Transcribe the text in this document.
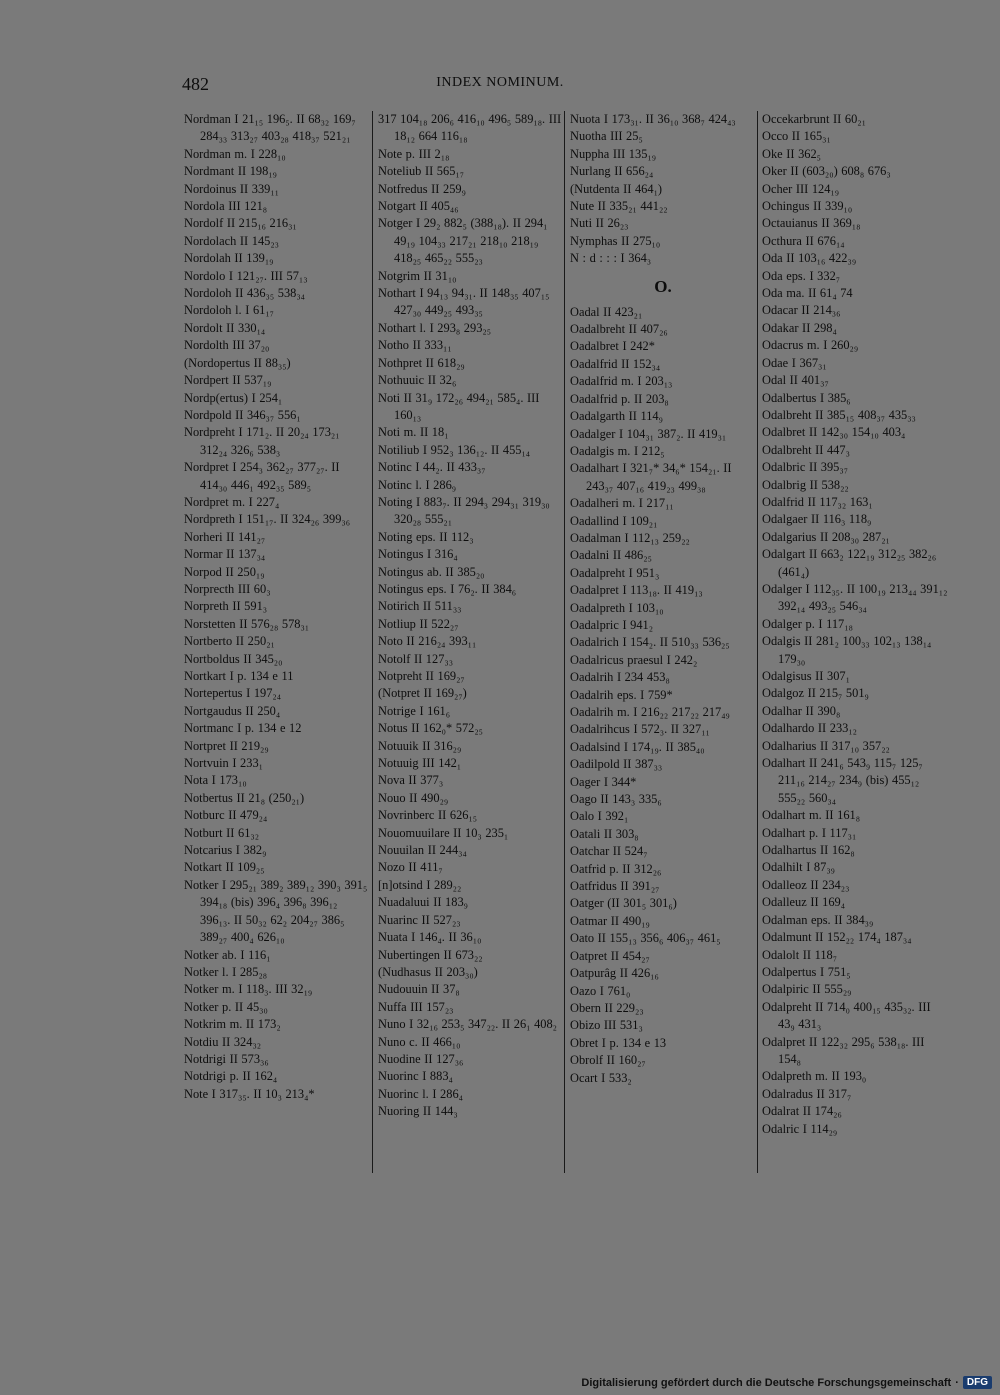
482	INDEX NOMINUM.
Nordman I 21₁₅ 196₅. II 68₃₂ 169₇ 284₃₃ 313₂₇ 403₂₈ 418₃₇ 521₂₁
Nordman m. I 228₁₀
Nordmant II 198₁₉
Nordoinus II 339₁₁
Nordola III 121₈
Nordolf II 215₁₆ 216₃₁
Nordolach II 145₂₃
Nordolah II 139₁₉
Nordolo I 121₂₇. III 57₁₃
Nordoloh II 436₃₅ 538₃₄
Nordoloh l. I 61₁₇
Nordolt II 330₁₄
Nordolth III 37₂₀
(Nordopertus II 88₃₅)
Nordpert II 537₁₉
Nordp(ertus) I 254₁
Nordpold II 346₃₇ 556₁
Nordpreht I 171₂. II 20₂₄ 173₂₁ 312₂₄ 326₆ 538₃
Nordpret I 254₃ 362₂₇ 377₂₇. II 414₃₀ 446₁ 492₃₅ 589₅
Nordpret m. I 227₄
Nordpreth I 151₁₇. II 324₂₆ 399₃₆
Norheri II 141₂₇
Normar II 137₃₄
Norpod II 250₁₉
Norprecth III 60₃
Norpreth II 591₃
Norstetten II 576₂₈ 578₃₁
Nortberto II 250₂₁
Nortboldus II 345₂₀
Nortkart I p. 134 e 11
Nortepertus I 197₂₄
Nortgaudus II 250₄
Nortmanc I p. 134 e 12
Nortpret II 219₂₉
Nortvuin I 233₁
Nota I 173₁₀
Notbertus II 21₈ (250₂₁)
Notburc II 479₂₄
Notburt II 61₃₂
Notcarius I 382₉
Notkart II 109₂₅
Notker I 295₂₁ 389₂ 389₁₂ 390₃ 391₅ 394₁₈ (bis) 396₄ 396₈ 396₁₂ 396₁₃. II 50₃₂ 62₂ 204₂₇ 386₅ 389₂₇ 400₄ 626₁₀
Notker ab. I 116₁
Notker l. I 285₂₈
Notker m. I 118₃. III 32₁₉
Notker p. II 45₃₀
Notkrim m. II 173₂
Notdiu II 324₃₂
Notdrigi II 573₃₆
Notdrigi p. II 162₄
Note I 317₃₅. II 10₃ 213₄*
317 104₁₈ 206₆ 416₁₀ 496₅ 589₁₈. III 18₁₂ 664 116₁₈
Note p. III 2₁₈
Noteliub II 565₁₇
Notfredus II 259₉
Notgart II 405₄₆
Notger I 29₂ 882₅ (388₁₈). II 294₁ 49₁₉ 104₃₃ 217₂₁ 218₁₀ 218₁₉ 418₂₅ 465₂₂ 555₂₃
Notgrim II 31₁₀
Nothart I 94₁₃ 94₃₁. II 148₃₅ 407₁₅ 427₃₀ 449₂₅ 493₃₅
Nothart l. I 293₈ 293₂₅
Notho II 333₁₁
Nothpret II 618₂₉
Nothuuic II 32₆
Noti II 31₉ 172₂₆ 494₂₁ 585₄. III 160₁₃
Noti m. II 18₁
Notiliub I 952₃ 136₁₂. II 455₁₄
Notinc I 44₂. II 433₃₇
Notinc l. I 286₉
Noting I 883₇. II 294₃ 294₃₁ 319₃₀ 320₂₈ 555₂₁
Noting eps. II 112₃
Notingus I 316₄
Notingus ab. II 385₂₀
Notingus eps. I 76₂. II 384₆
Notirich II 511₃₃
Notliup II 522₂₇
Noto II 216₂₄ 393₁₁
Notolf II 127₃₃
Notpreht II 169₂₇
(Notpret II 169₂₇)
Notrige I 161₆
Notus II 162₀* 572₂₅
Notuuik II 316₂₉
Notuuig III 142₁
Nova II 377₃
Nouo II 490₂₉
Novrinberc II 626₁₅
Nouomuuilare II 10₃ 235₁
Nouuilan II 244₃₄
Nozo II 411₇
[n]otsind I 289₂₂
Nuadaluui II 183₉
Nuarinc II 527₂₃
Nuata I 146₄. II 36₁₀
Nubertingen II 673₂₂
(Nudhasus II 203₃₀)
Nudouuin II 37₈
Nuffa III 157₂₃
Nuno I 32₁₆ 253₅ 347₂₂. II 26₁ 408₂
Nuno c. II 466₁₀
Nuodine II 127₃₆
Nuorinc I 883₄
Nuorinc l. I 286₄
Nuoring II 144₃
Nuota I 173₃₁. II 36₁₀ 368₇ 424₄₃
Nuotha III 25₅
Nuppha III 135₁₉
Nurlang II 656₂₄
(Nutdenta II 464₁)
Nute II 335₂₁ 441₂₂
Nuti II 26₂₃
Nymphas II 275₁₀
N : d : : : I 364₃
O.
Oadal II 423₂₁
Oadalbreht II 407₂₆
Oadalbret I 242*
Oadalfrid II 152₃₄
Oadalfrid m. I 203₁₃
Oadalfrid p. II 203₈
Oadalgarth II 114₉
Oadalger I 104₃₁ 387₂. II 419₃₁
Oadalgis m. I 212₅
Oadalhart I 321₇* 34₆* 154₂₁. II 243₃₇ 407₁₆ 419₂₃ 499₃₈
Oadalheri m. I 217₁₁
Oadallind I 109₂₁
Oadalman I 112₁₃ 259₂₂
Oadalni II 486₂₅
Oadalpreht I 951₃
Oadalpret I 113₁₈. II 419₁₃
Oadalpreth I 103₁₀
Oadalpric I 941₂
Oadalrich I 154₂. II 510₃₃ 536₂₅
Oadalricus praesul I 242₂
Oadalrih I 234 453₈
Oadalrih eps. I 759*
Oadalrih m. I 216₂₂ 217₂₂ 217₄₉
Oadalrihcus I 572₃. II 327₁₁
Oadalsind I 174₁₉. II 385₄₀
Oadilpold II 387₃₃
Oager I 344*
Oago II 143₃ 335₆
Oalo I 392₁
Oatali II 303₈
Oatchar II 524₇
Oatfrid p. II 312₂₆
Oatfridus II 391₂₇
Oatger (II 301₅ 301₆)
Oatmar II 490₁₉
Oato II 155₁₃ 356₆ 406₃₇ 461₅
Oatpret II 454₂₇
Oatpurâg II 426₁₆
Oazo I 761₀
Obern II 229₂₃
Obizo III 531₃
Obret I p. 134 e 13
Obrolf II 160₂₇
Ocart I 533₂
Occekarbrunt II 60₂₁
Occo II 165₃₁
Oke II 362₅
Oker II (603₂₀) 608₈ 676₃
Ocher III 124₁₉
Ochingus II 339₁₀
Octauianus II 369₁₈
Octhura II 676₁₄
Oda II 103₁₆ 422₃₉
Oda eps. I 332₇
Oda ma. II 61₄ 74
Odacar II 214₃₆
Odakar II 298₄
Odacrus m. I 260₂₉
Odae I 367₃₁
Odal II 401₃₇
Odalbertus I 385₆
Odalbreht II 385₁₅ 408₃₇ 435₃₃
Odalbret II 142₃₀ 154₁₀ 403₄
Odalbreht II 447₃
Odalbric II 395₃₇
Odalbrig II 538₂₂
Odalfrid II 117₃₂ 163₁
Odalgaer II 116₃ 118₉
Odalgarius II 208₃₀ 287₂₁
Odalgart II 663₂ 122₁₉ 312₂₅ 382₂₆ (461₄)
Odalger I 112₃₅. II 100₁₉ 213₄₄ 391₁₂ 392₁₄ 493₂₅ 546₃₄
Odalger p. I 117₁₈
Odalgis II 281₂ 100₃₃ 102₁₃ 138₁₄ 179₃₀
Odalgisus II 307₁
Odalgoz II 215₇ 501₉
Odalhar II 390₈
Odalhardo II 233₁₂
Odalharius II 317₁₀ 357₂₂
Odalhart II 241₆ 543₉ 115₇ 125₇ 211₁₆ 214₂₇ 234₉ (bis) 455₁₂ 555₂₂ 560₃₄
Odalhart m. II 161₈
Odalhart p. I 117₃₁
Odalhartus II 162₈
Odalhilt I 87₃₉
Odalleoz II 234₂₃
Odalleuz II 169₄
Odalman eps. II 384₃₉
Odalmunt II 152₂₂ 174₄ 187₃₄
Odalolt II 118₇
Odalpertus I 751₅
Odalpiric II 555₂₉
Odalpreht II 714₀ 400₁₅ 435₃₂. III 43₉ 431₃
Odalpret II 122₃₂ 295₆ 538₁₈. III 154₈
Odalpreth m. II 193₀
Odalradus II 317₇
Odalrat II 174₂₆
Odalric I 114₂₉
Digitalisierung gefördert durch die Deutsche Forschungsgemeinschaft · DFG
